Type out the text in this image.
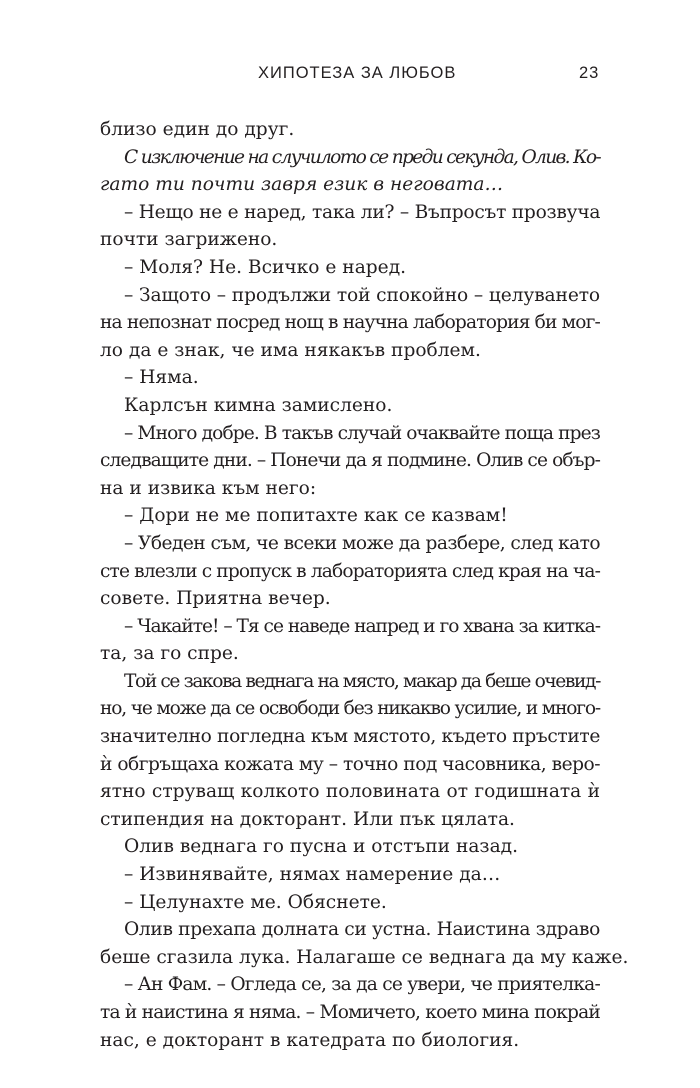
ХИПОТЕЗА ЗА ЛЮБОВ	23
близо един до друг.
С изключение на случилото се преди секунда, Олив. Ко-
гато ти почти завря език в неговата…
– Нещо не е наред, така ли? – Въпросът прозвуча
почти загрижено.
– Моля? Не. Всичко е наред.
– Защото – продължи той спокойно – целуването
на непознат посред нощ в научна лаборатория би мог-
ло да е знак, че има някакъв проблем.
– Няма.
Карлсън кимна замислено.
– Много добре. В такъв случай очаквайте поща през
следващите дни. – Понечи да я подмине. Олив се обър-
на и извика към него:
– Дори не ме попитахте как се казвам!
– Убеден съм, че всеки може да разбере, след като
сте влезли с пропуск в лабораторията след края на ча-
совете. Приятна вечер.
– Чакайте! – Тя се наведе напред и го хвана за китка-
та, за го спре.
Той се закова веднага на място, макар да беше очевид-
но, че може да се освободи без никакво усилие, и много-
значително погледна към мястото, където пръстите
ѝ обгръщаха кожата му – точно под часовника, веро-
ятно струващ колкото половината от годишната ѝ
стипендия на докторант. Или пък цялата.
Олив веднага го пусна и отстъпи назад.
– Извинявайте, нямах намерение да…
– Целунахте ме. Обяснете.
Олив прехапа долната си устна. Наистина здраво
беше сгазила лука. Налагаше се веднага да му каже.
– Ан Фам. – Огледа се, за да се увери, че приятелка-
та ѝ наистина я няма. – Момичето, което мина покрай
нас, е докторант в катедрата по биология.
